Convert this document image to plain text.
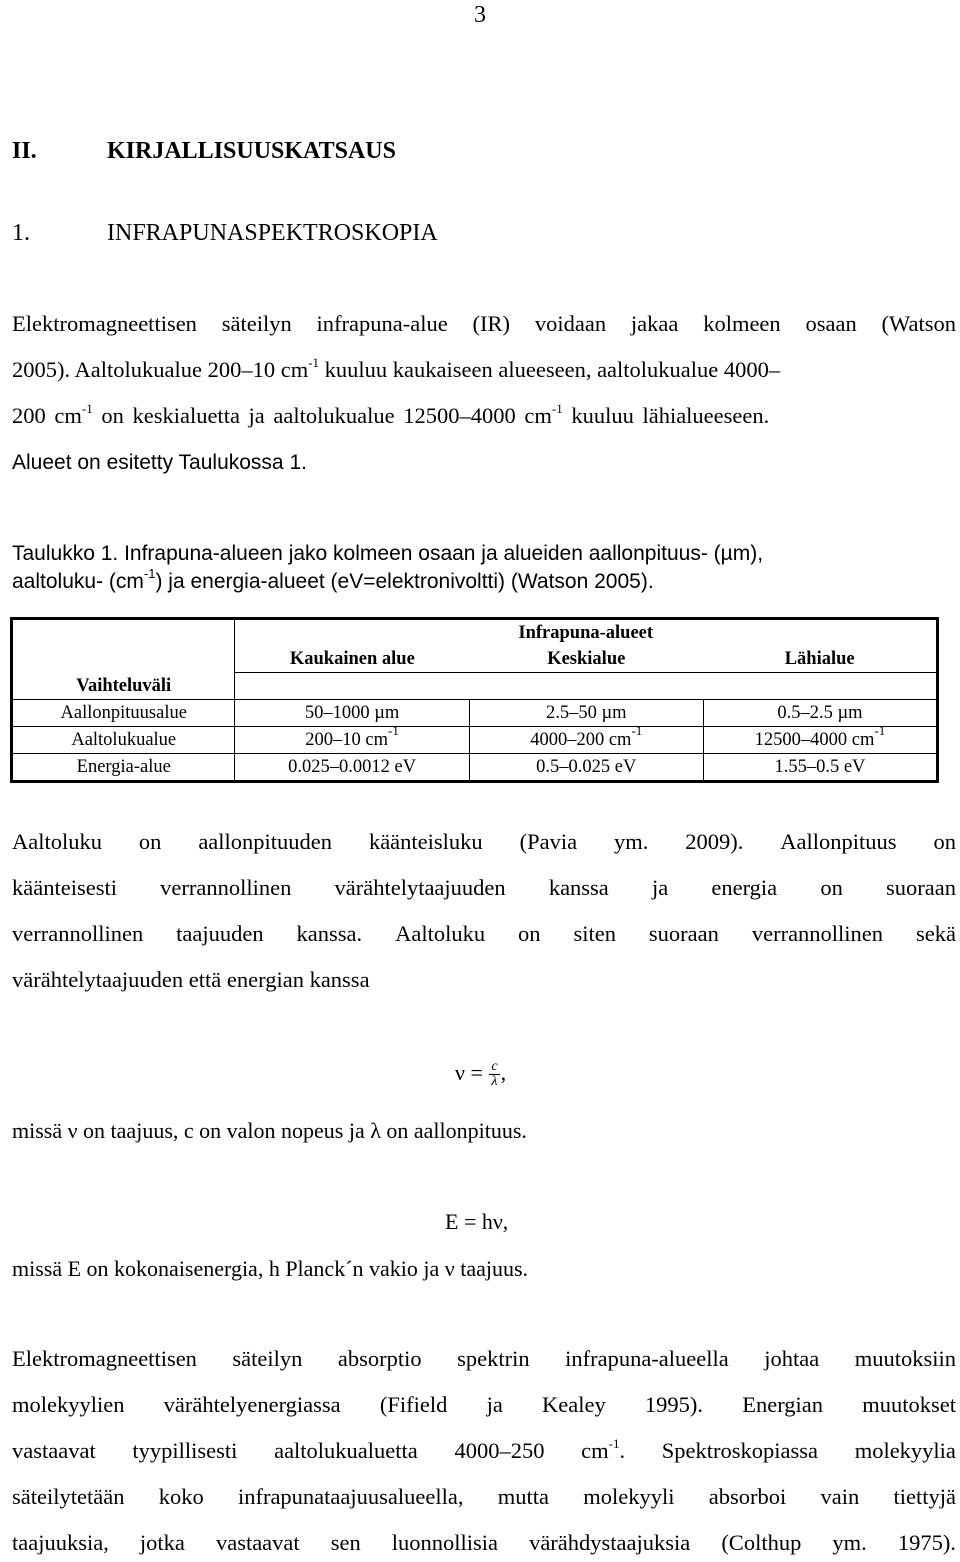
3
II.	KIRJALLISUUSKATSAUS
1.	INFRAPUNASPEKTROSKOPIA
Elektromagneettisen säteilyn infrapuna-alue (IR) voidaan jakaa kolmeen osaan (Watson
2005). Aaltolukualue 200–10 $cm^{-1}$ kuuluu kaukaiseen alueeseen, aaltolukualue 4000–
200 $cm^{-1}$ on keskialuetta ja aaltolukualue 12500–4000 $cm^{-1}$ kuuluu lähialueeseen.
Alueet on esitetty Taulukossa 1.
Taulukko 1. Infrapuna-alueen jako kolmeen osaan ja alueiden aallonpituus- (µm),
aaltoluku- $(cm^{-1})$ ja energia-alueet (eV=elektronivoltti) (Watson 2005).
	Infrapuna-alueet		
	Kaukainen alue	Keskialue	Lähialue
Vaihteluväli			
Aallonpituusalue	50–1000 µm	2.5–50 µm	0.5–2.5 µm
Aaltolukualue	200–10 $cm^{-1}$	4000–200 $cm^{-1}$	12500–4000 $cm^{-1}$
Energia-alue	0.025–0.0012 eV	0.5–0.025 eV	1.55–0.5 eV
Aaltoluku on aallonpituuden käänteisluku (Pavia ym. 2009). Aallonpituus on
käänteisesti verrannollinen värähtelytaajuuden kanssa ja energia on suoraan
verrannollinen taajuuden kanssa. Aaltoluku on siten suoraan verrannollinen sekä
värähtelytaajuuden että energian kanssa
$\nu = \frac{c}{\lambda}$ ,
missä ν on taajuus, c on valon nopeus ja λ on aallonpituus.
E = hν,
missä E on kokonaisenergia, h Planck´n vakio ja ν taajuus.
Elektromagneettisen säteilyn absorptio spektrin infrapuna-alueella johtaa muutoksiin
molekyylien värähtelyenergiassa (Fifield ja Kealey 1995). Energian muutokset
vastaavat tyypillisesti aaltolukualuetta 4000–250 $cm^{-1}$. Spektroskopiassa molekyylia
säteilytetään koko infrapunataajuusalueella, mutta molekyyli absorboi vain tiettyjä
taajuuksia, jotka vastaavat sen luonnollisia värähdystaajuksia (Colthup ym. 1975).
